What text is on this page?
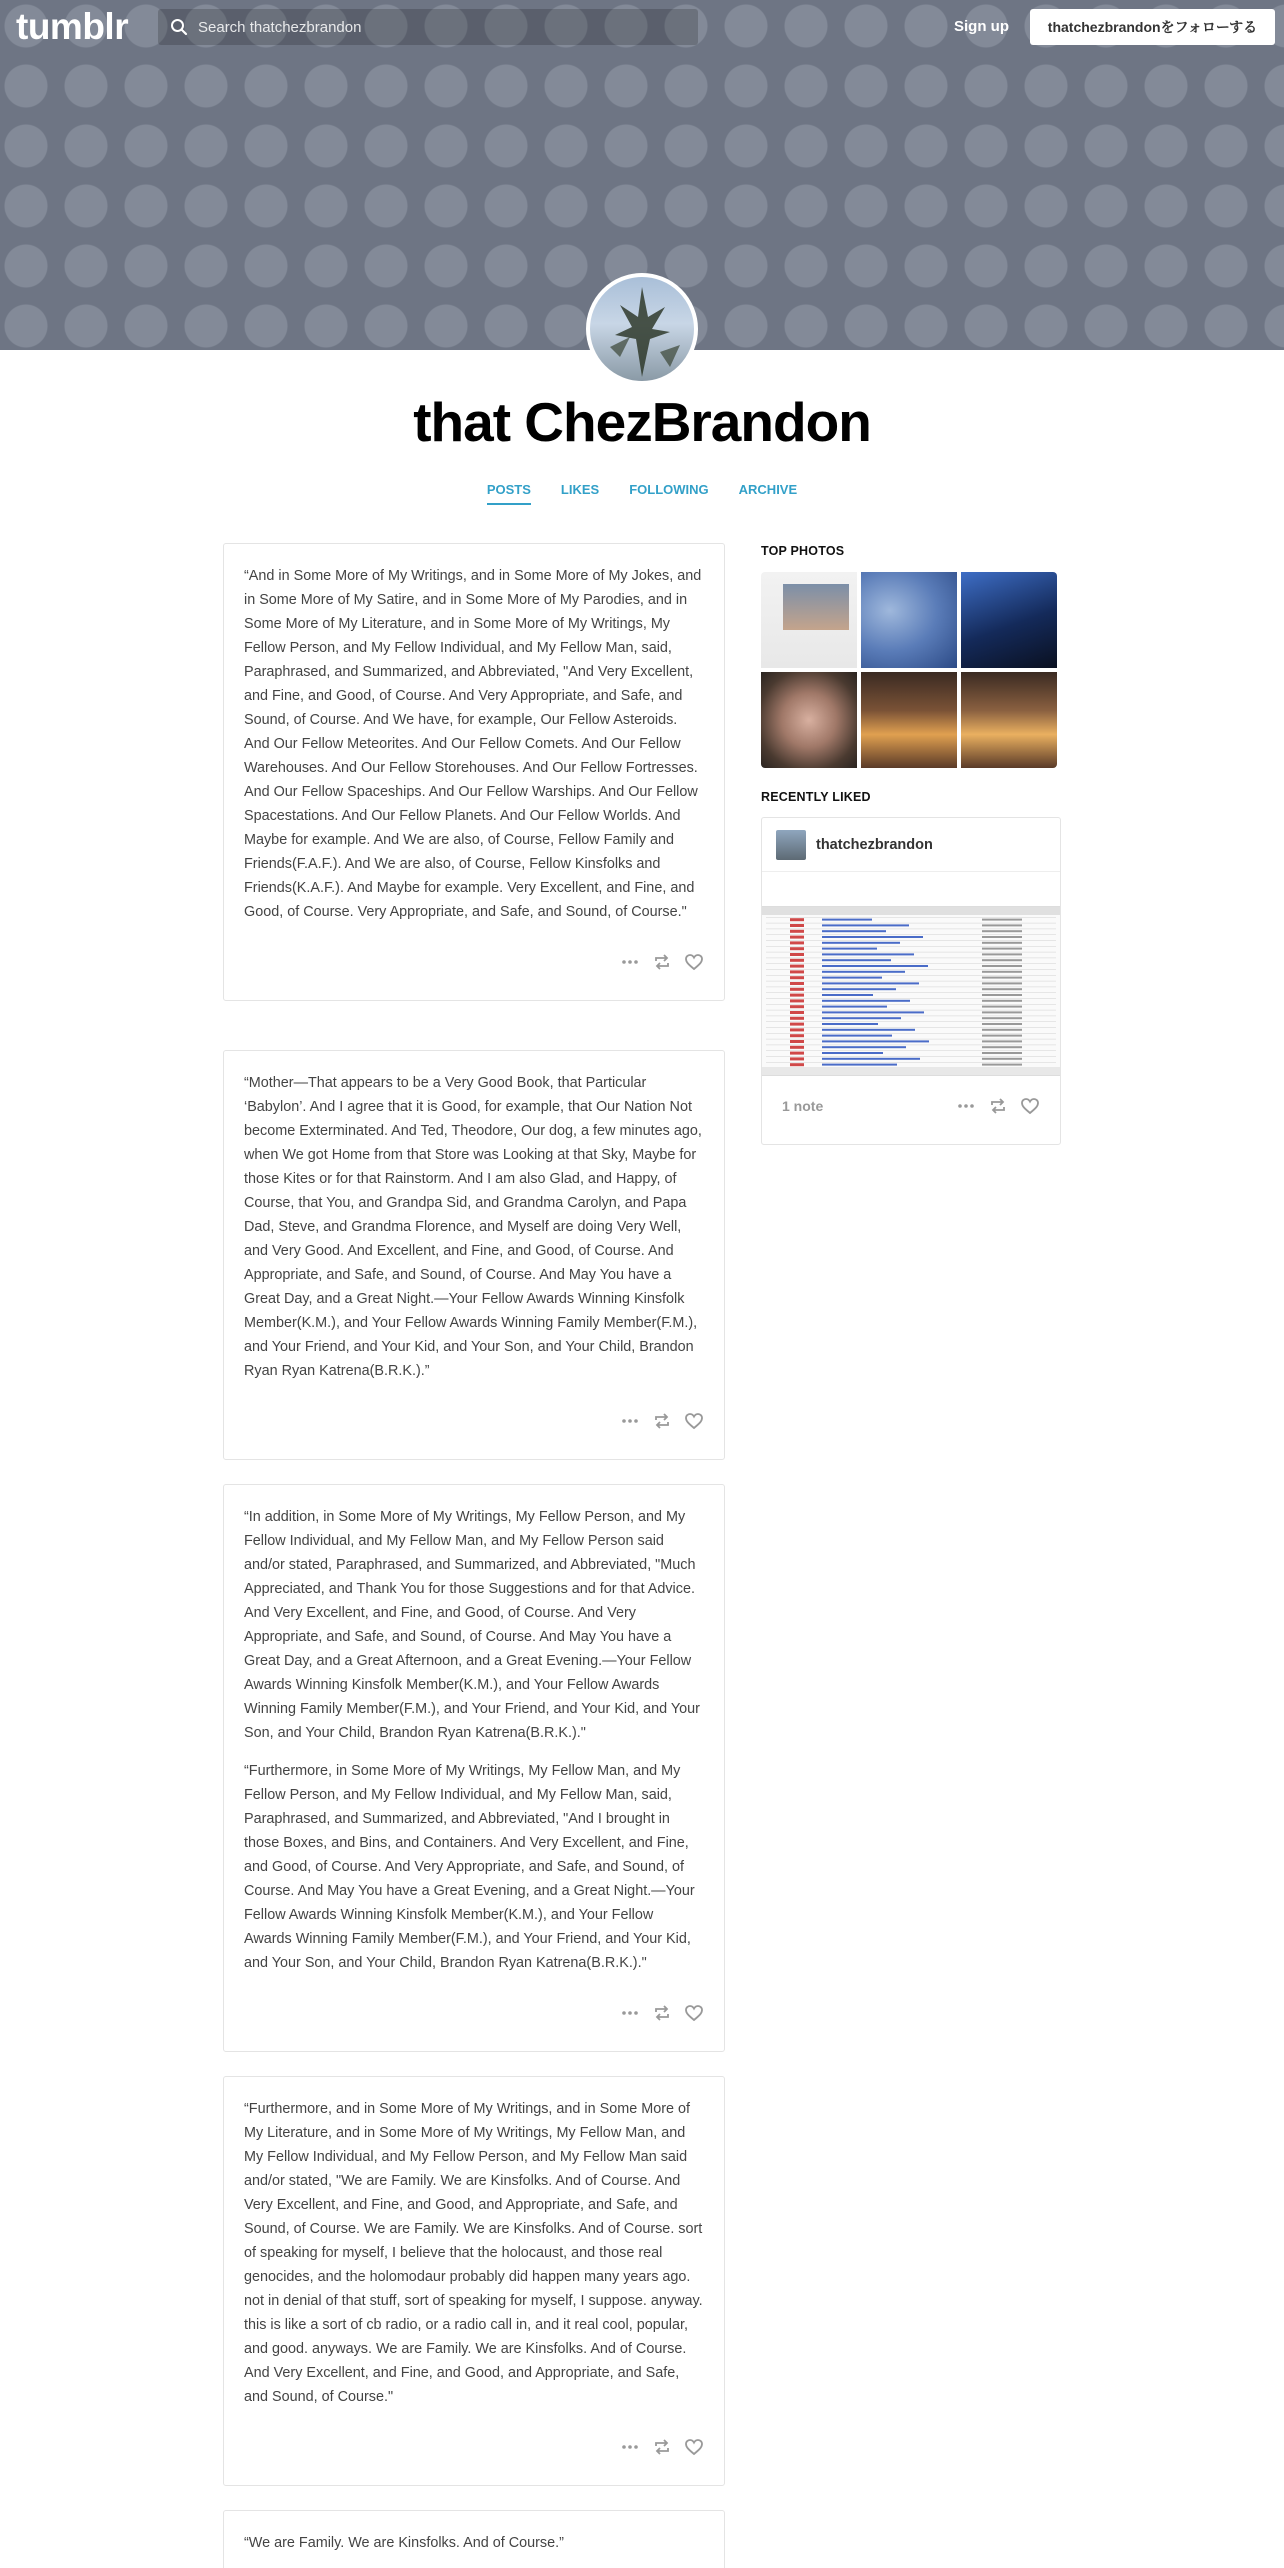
tumblr
Search thatchezbrandon	Sign up	thatchezbrandonをフォローする
that ChezBrandon
POSTS LIKES FOLLOWING ARCHIVE

“And in Some More of My Writings, and in Some More of My Jokes, and in Some More of My Satire, and in Some More of My Parodies, and in Some More of My Literature, and in Some More of My Writings, My Fellow Person, and My Fellow Individual, and My Fellow Man, said, Paraphrased, and Summarized, and Abbreviated, "And Very Excellent, and Fine, and Good, of Course. And Very Appropriate, and Safe, and Sound, of Course. And We have, for example, Our Fellow Asteroids. And Our Fellow Meteorites. And Our Fellow Comets. And Our Fellow Warehouses. And Our Fellow Storehouses. And Our Fellow Fortresses. And Our Fellow Spaceships. And Our Fellow Warships. And Our Fellow Spacestations. And Our Fellow Planets. And Our Fellow Worlds. And Maybe for example. And We are also, of Course, Fellow Family and Friends(F.A.F.). And We are also, of Course, Fellow Kinsfolks and Friends(K.A.F.). And Maybe for example. Very Excellent, and Fine, and Good, of Course. Very Appropriate, and Safe, and Sound, of Course."

“Mother—That appears to be a Very Good Book, that Particular ‘Babylon’. And I agree that it is Good, for example, that Our Nation Not become Exterminated. And Ted, Theodore, Our dog, a few minutes ago, when We got Home from that Store was Looking at that Sky, Maybe for those Kites or for that Rainstorm. And I am also Glad, and Happy, of Course, that You, and Grandpa Sid, and Grandma Carolyn, and Papa Dad, Steve, and Grandma Florence, and Myself are doing Very Well, and Very Good. And Excellent, and Fine, and Good, of Course. And Appropriate, and Safe, and Sound, of Course. And May You have a Great Day, and a Great Night.—Your Fellow Awards Winning Kinsfolk Member(K.M.), and Your Fellow Awards Winning Family Member(F.M.), and Your Friend, and Your Kid, and Your Son, and Your Child, Brandon Ryan Ryan Katrena(B.R.K.).”

“In addition, in Some More of My Writings, My Fellow Person, and My Fellow Individual, and My Fellow Man, and My Fellow Person said and/or stated, Paraphrased, and Summarized, and Abbreviated, "Much Appreciated, and Thank You for those Suggestions and for that Advice. And Very Excellent, and Fine, and Good, of Course. And Very Appropriate, and Safe, and Sound, of Course. And May You have a Great Day, and a Great Afternoon, and a Great Evening.—Your Fellow Awards Winning Kinsfolk Member(K.M.), and Your Fellow Awards Winning Family Member(F.M.), and Your Friend, and Your Kid, and Your Son, and Your Child, Brandon Ryan Katrena(B.R.K.)."

“Furthermore, in Some More of My Writings, My Fellow Man, and My Fellow Person, and My Fellow Individual, and My Fellow Man, said, Paraphrased, and Summarized, and Abbreviated, "And I brought in those Boxes, and Bins, and Containers. And Very Excellent, and Fine, and Good, of Course. And Very Appropriate, and Safe, and Sound, of Course. And May You have a Great Evening, and a Great Night.—Your Fellow Awards Winning Kinsfolk Member(K.M.), and Your Fellow Awards Winning Family Member(F.M.), and Your Friend, and Your Kid, and Your Son, and Your Child, Brandon Ryan Katrena(B.R.K.)."

“Furthermore, and in Some More of My Writings, and in Some More of My Literature, and in Some More of My Writings, My Fellow Man, and My Fellow Individual, and My Fellow Person, and My Fellow Man said and/or stated, "We are Family. We are Kinsfolks. And of Course. And Very Excellent, and Fine, and Good, and Appropriate, and Safe, and Sound, of Course. We are Family. We are Kinsfolks. And of Course. sort of speaking for myself, I believe that the holocaust, and those real genocides, and the holomodaur probably did happen many years ago. not in denial of that stuff, sort of speaking for myself, I suppose. anyway. this is like a sort of cb radio, or a radio call in, and it real cool, popular, and good. anyways. We are Family. We are Kinsfolks. And of Course. And Very Excellent, and Fine, and Good, and Appropriate, and Safe, and Sound, of Course."

“We are Family. We are Kinsfolks. And of Course.”

TOP PHOTOS
RECENTLY LIKED
thatchezbrandon
1 note
